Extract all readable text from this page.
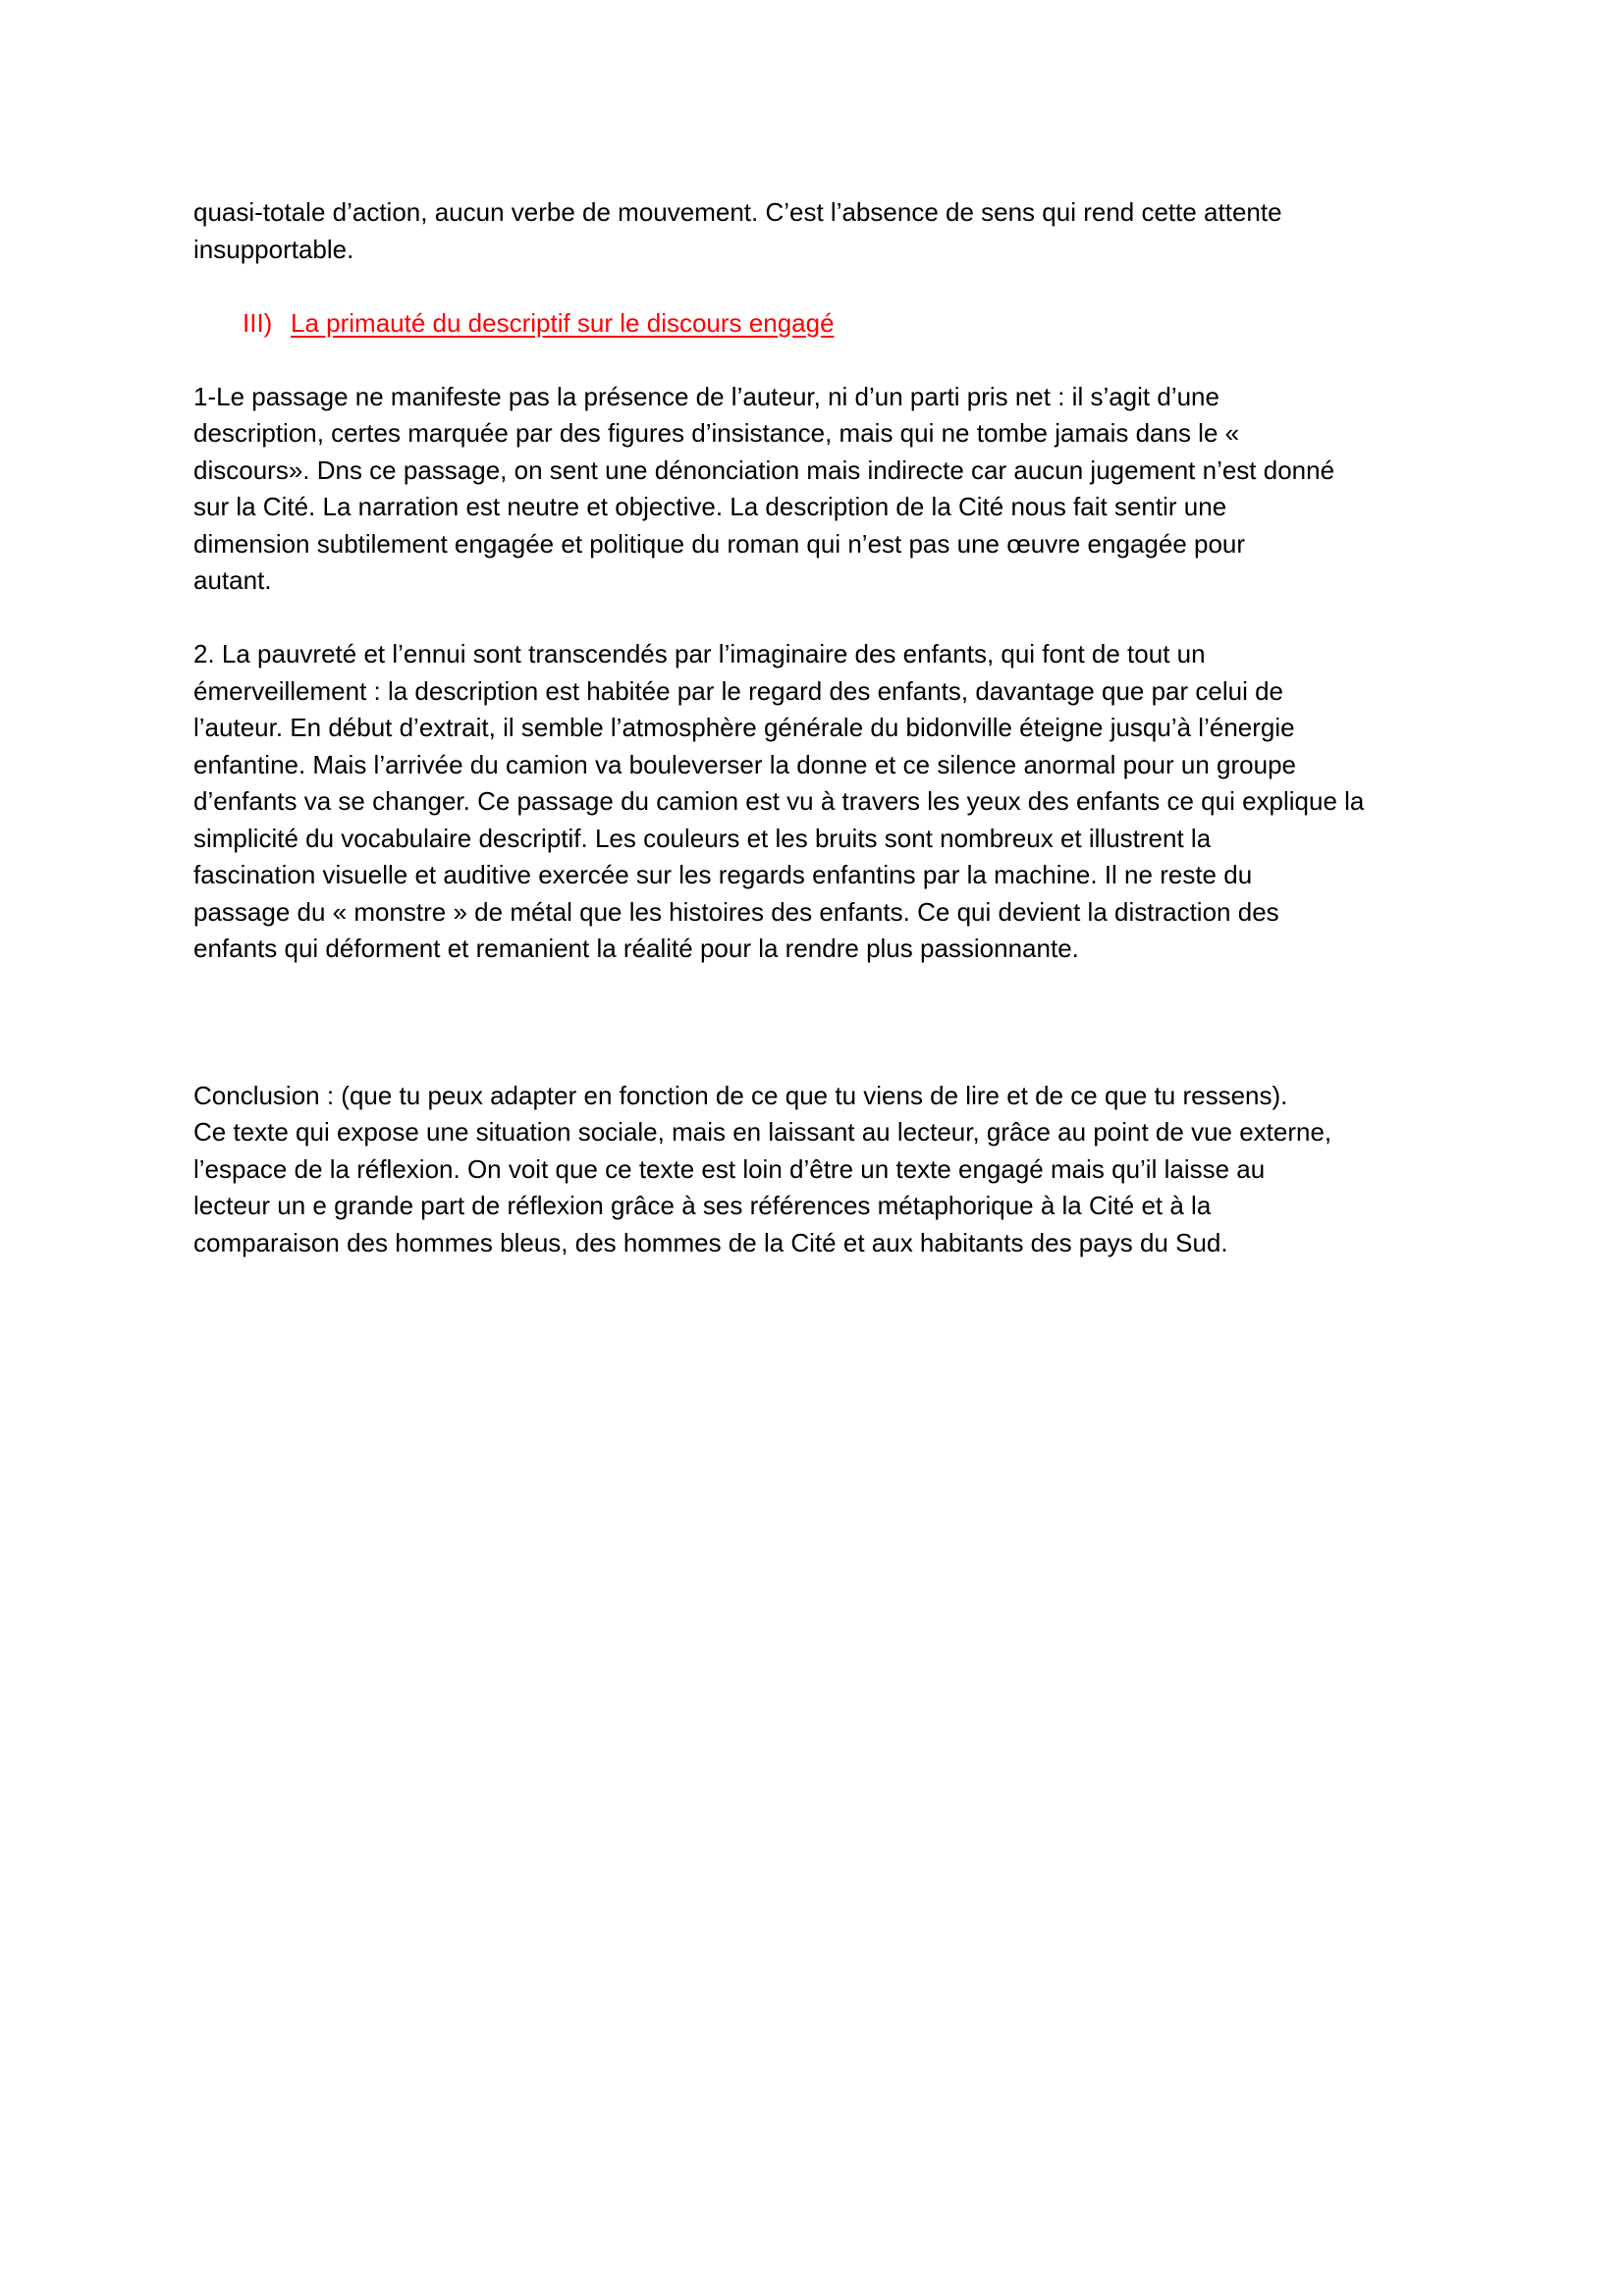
quasi-totale d’action, aucun verbe de mouvement. C’est l’absence de sens qui rend cette attente
insupportable.

III) La primauté du descriptif sur le discours engagé

1-Le passage ne manifeste pas la présence de l’auteur, ni d’un parti pris net : il s’agit d’une
description, certes marquée par des figures d’insistance, mais qui ne tombe jamais dans le «
discours». Dns ce passage, on sent une dénonciation mais indirecte car aucun jugement n’est donné
sur la Cité. La narration est neutre et objective. La description de la Cité nous fait sentir une
dimension subtilement engagée et politique du roman qui n’est pas une œuvre engagée pour
autant.

2. La pauvreté et l’ennui sont transcendés par l’imaginaire des enfants, qui font de tout un
émerveillement : la description est habitée par le regard des enfants, davantage que par celui de
l’auteur. En début d’extrait, il semble l’atmosphère générale du bidonville éteigne jusqu’à l’énergie
enfantine. Mais l’arrivée du camion va bouleverser la donne et ce silence anormal pour un groupe
d’enfants va se changer. Ce passage du camion est vu à travers les yeux des enfants ce qui explique la
simplicité du vocabulaire descriptif. Les couleurs et les bruits sont nombreux et illustrent la
fascination visuelle et auditive exercée sur les regards enfantins par la machine. Il ne reste du
passage du « monstre » de métal que les histoires des enfants. Ce qui devient la distraction des
enfants qui déforment et remanient la réalité pour la rendre plus passionnante.

Conclusion : (que tu peux adapter en fonction de ce que tu viens de lire et de ce que tu ressens).
Ce texte qui expose une situation sociale, mais en laissant au lecteur, grâce au point de vue externe,
l’espace de la réflexion. On voit que ce texte est loin d’être un texte engagé mais qu’il laisse au
lecteur un e grande part de réflexion grâce à ses références métaphorique à la Cité et à la
comparaison des hommes bleus, des hommes de la Cité et aux habitants des pays du Sud.
